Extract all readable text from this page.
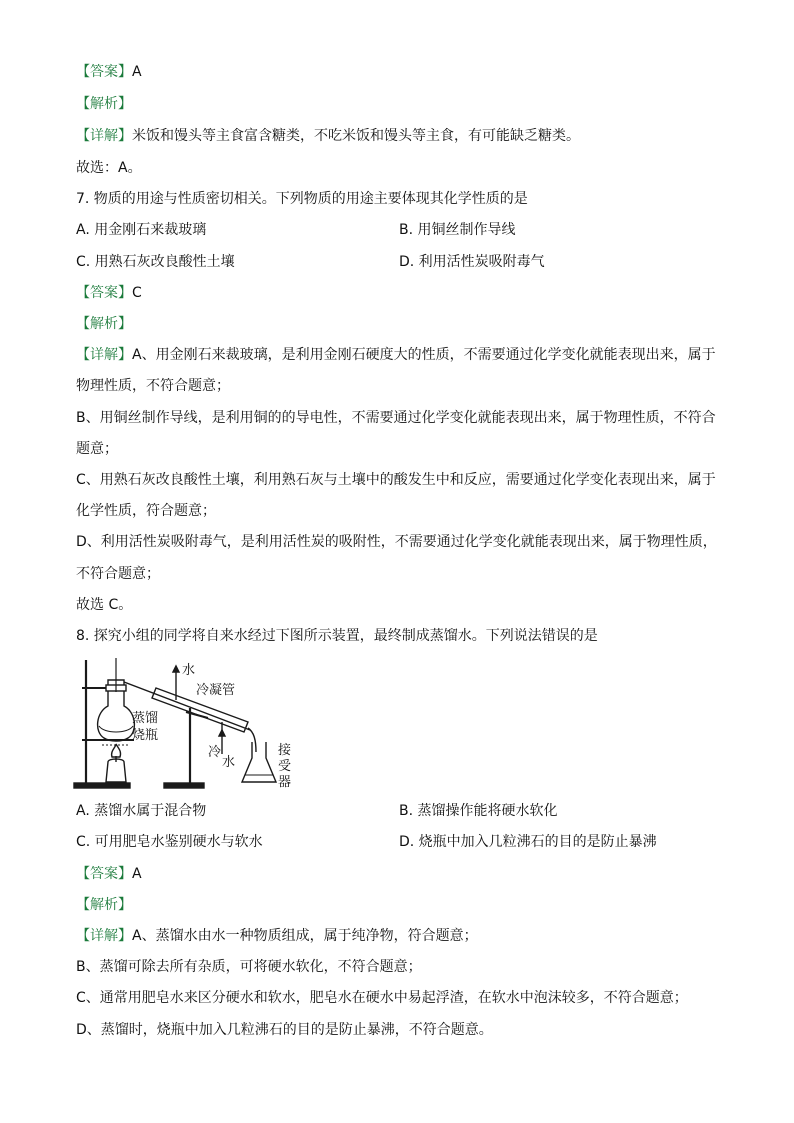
【答案】A
【解析】
【详解】米饭和馒头等主食富含糖类，不吃米饭和馒头等主食，有可能缺乏糖类。
故选：A。
7. 物质的用途与性质密切相关。下列物质的用途主要体现其化学性质的是
A. 用金刚石来裁玻璃	B. 用铜丝制作导线
C. 用熟石灰改良酸性土壤	D. 利用活性炭吸附毒气
【答案】C
【解析】
【详解】A、用金刚石来裁玻璃，是利用金刚石硬度大的性质，不需要通过化学变化就能表现出来，属于
物理性质，不符合题意；
B、用铜丝制作导线，是利用铜的的导电性，不需要通过化学变化就能表现出来，属于物理性质，不符合
题意；
C、用熟石灰改良酸性土壤，利用熟石灰与土壤中的酸发生中和反应，需要通过化学变化表现出来，属于
化学性质，符合题意；
D、利用活性炭吸附毒气，是利用活性炭的吸附性，不需要通过化学变化就能表现出来，属于物理性质，
不符合题意；
故选 C。
8. 探究小组的同学将自来水经过下图所示装置，最终制成蒸馏水。下列说法错误的是
水
冷凝管
蒸馏
烧瓶
冷
水
接
受
器
A. 蒸馏水属于混合物	B. 蒸馏操作能将硬水软化
C. 可用肥皂水鉴别硬水与软水	D. 烧瓶中加入几粒沸石的目的是防止暴沸
【答案】A
【解析】
【详解】A、蒸馏水由水一种物质组成，属于纯净物，符合题意；
B、蒸馏可除去所有杂质，可将硬水软化，不符合题意；
C、通常用肥皂水来区分硬水和软水，肥皂水在硬水中易起浮渣，在软水中泡沫较多，不符合题意；
D、蒸馏时，烧瓶中加入几粒沸石的目的是防止暴沸，不符合题意。
